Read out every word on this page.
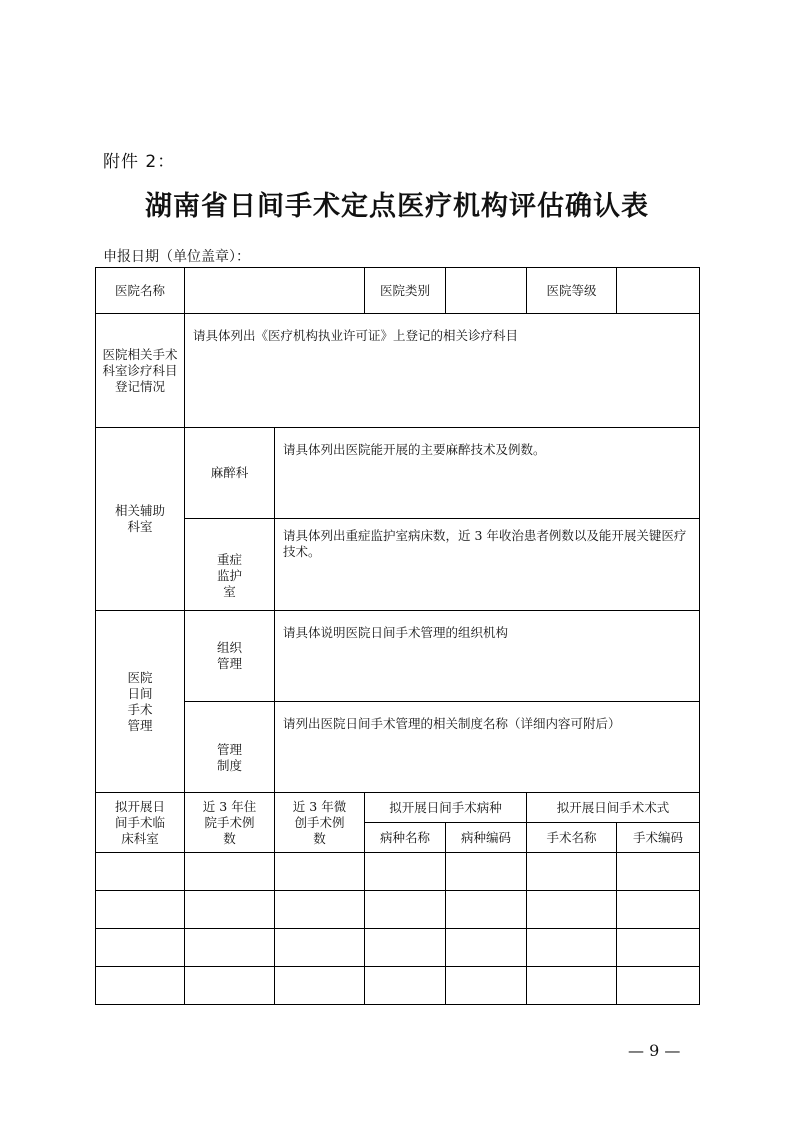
附件 2：
湖南省日间手术定点医疗机构评估确认表
申报日期（单位盖章）：
医院名称			医院类别		医院等级	
医院相关手术科室诊疗科目登记情况	请具体列出《医疗机构执业许可证》上登记的相关诊疗科目					
相关辅助科室	麻醉科	请具体列出医院能开展的主要麻醉技术及例数。				
	重症监护室	请具体列出重症监护室病床数，近 3 年收治患者例数以及能开展关键医疗技术。				
医院日间手术管理	组织管理	请具体说明医院日间手术管理的组织机构				
	管理制度	请列出医院日间手术管理的相关制度名称（详细内容可附后）				
拟开展日间手术临床科室	近 3 年住院手术例数	近 3 年微创手术例数	拟开展日间手术病种		拟开展日间手术术式	
			病种名称	病种编码	手术名称	手术编码

— 9 —
